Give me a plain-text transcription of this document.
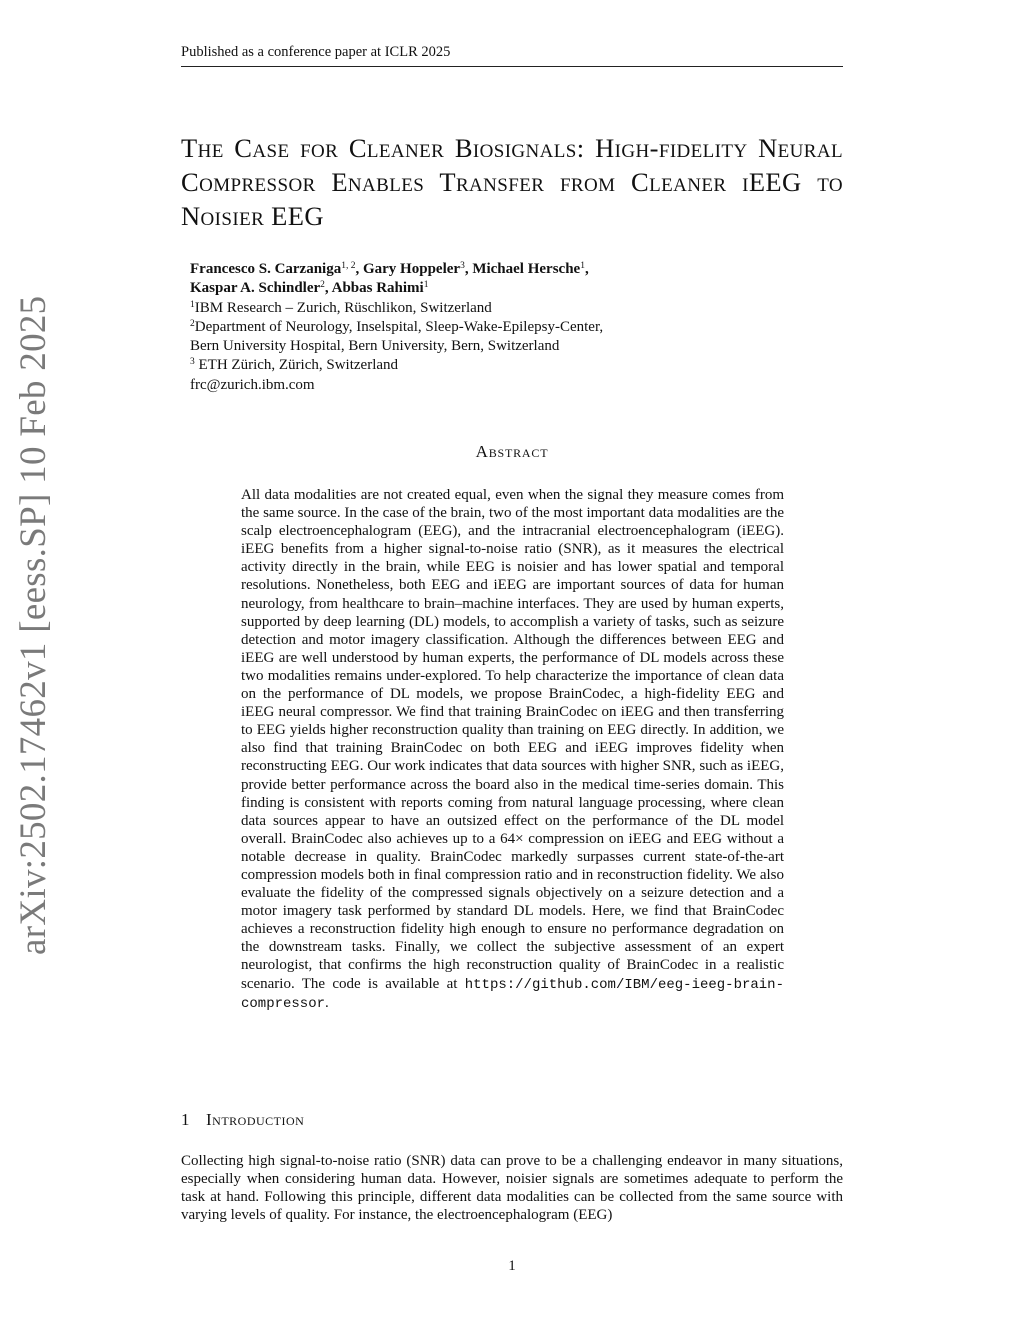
Published as a conference paper at ICLR 2025
arXiv:2502.17462v1 [eess.SP] 10 Feb 2025
The Case for Cleaner Biosignals: High-fidelity Neural Compressor Enables Transfer from Cleaner iEEG to Noisier EEG
Francesco S. Carzaniga$^{1, 2}$, Gary Hoppeler$^3$, Michael Hersche$^1$,
Kaspar A. Schindler$^2$, Abbas Rahimi$^1$
$^1$IBM Research – Zurich, Rüschlikon, Switzerland
$^2$Department of Neurology, Inselspital, Sleep-Wake-Epilepsy-Center,
Bern University Hospital, Bern University, Bern, Switzerland
$^3$ ETH Zürich, Zürich, Switzerland
frc@zurich.ibm.com
Abstract
All data modalities are not created equal, even when the signal they measure comes from the same source. In the case of the brain, two of the most important data modalities are the scalp electroencephalogram (EEG), and the intracranial electroencephalogram (iEEG). iEEG benefits from a higher signal-to-noise ratio (SNR), as it measures the electrical activity directly in the brain, while EEG is noisier and has lower spatial and temporal resolutions. Nonetheless, both EEG and iEEG are important sources of data for human neurology, from healthcare to brain–machine interfaces. They are used by human experts, supported by deep learning (DL) models, to accomplish a variety of tasks, such as seizure detection and motor imagery classification. Although the differences between EEG and iEEG are well understood by human experts, the performance of DL models across these two modalities remains under-explored. To help characterize the importance of clean data on the performance of DL models, we propose BrainCodec, a high-fidelity EEG and iEEG neural compressor. We find that training BrainCodec on iEEG and then transferring to EEG yields higher reconstruction quality than training on EEG directly. In addition, we also find that training BrainCodec on both EEG and iEEG improves fidelity when reconstructing EEG. Our work indicates that data sources with higher SNR, such as iEEG, provide better performance across the board also in the medical time-series domain. This finding is consistent with reports coming from natural language processing, where clean data sources appear to have an outsized effect on the performance of the DL model overall. BrainCodec also achieves up to a 64× compression on iEEG and EEG without a notable decrease in quality. BrainCodec markedly surpasses current state-of-the-art compression models both in final compression ratio and in reconstruction fidelity. We also evaluate the fidelity of the compressed signals objectively on a seizure detection and a motor imagery task performed by standard DL models. Here, we find that BrainCodec achieves a reconstruction fidelity high enough to ensure no performance degradation on the downstream tasks. Finally, we collect the subjective assessment of an expert neurologist, that confirms the high reconstruction quality of BrainCodec in a realistic scenario. The code is available at https://github.com/IBM/eeg-ieeg-brain-compressor.
1 Introduction
Collecting high signal-to-noise ratio (SNR) data can prove to be a challenging endeavor in many situations, especially when considering human data. However, noisier signals are sometimes adequate to perform the task at hand. Following this principle, different data modalities can be collected from the same source with varying levels of quality. For instance, the electroencephalogram (EEG)
1
